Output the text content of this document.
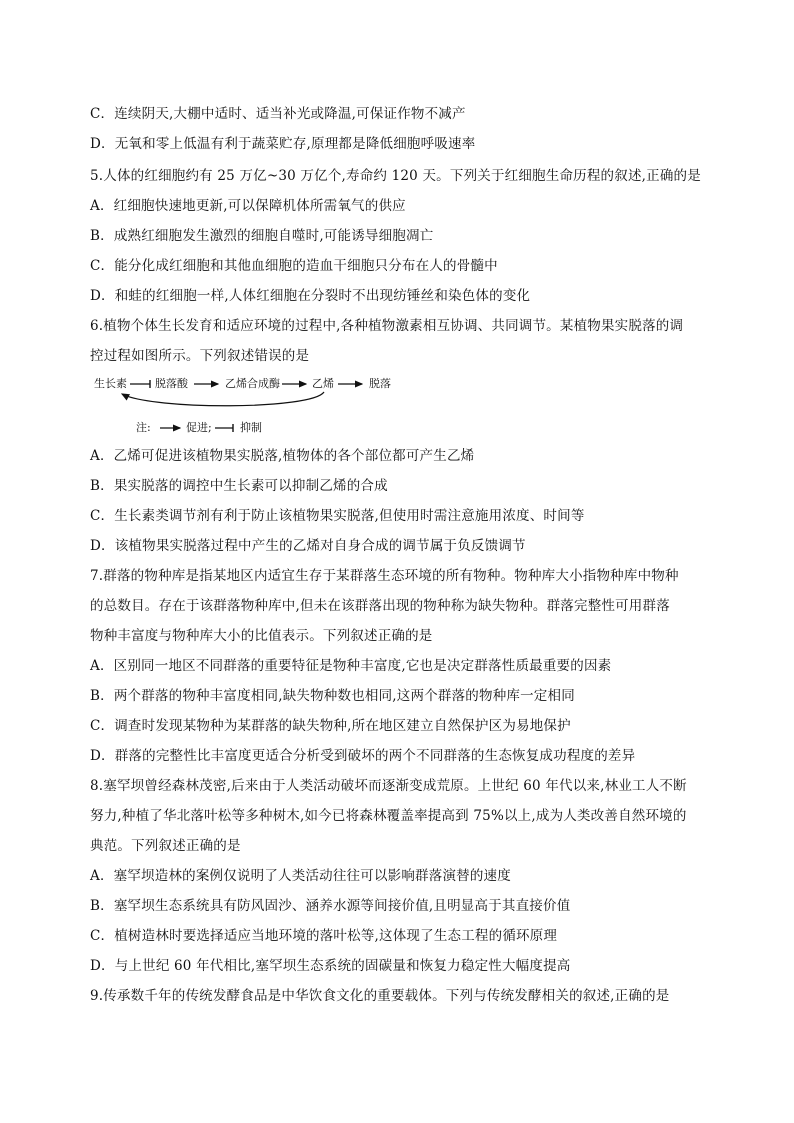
C．连续阴天,大棚中适时、适当补光或降温,可保证作物不减产
D．无氧和零上低温有利于蔬菜贮存,原理都是降低细胞呼吸速率
5.人体的红细胞约有 25 万亿~30 万亿个,寿命约 120 天。下列关于红细胞生命历程的叙述,正确的是
A．红细胞快速地更新,可以保障机体所需氧气的供应
B．成熟红细胞发生激烈的细胞自噬时,可能诱导细胞凋亡
C．能分化成红细胞和其他血细胞的造血干细胞只分布在人的骨髓中
D．和蛙的红细胞一样,人体红细胞在分裂时不出现纺锤丝和染色体的变化
6.植物个体生长发育和适应环境的过程中,各种植物激素相互协调、共同调节。某植物果实脱落的调
控过程如图所示。下列叙述错误的是
生长素	脱落酸	乙烯合成酶	乙烯	脱落
注:	促进;	抑制
A．乙烯可促进该植物果实脱落,植物体的各个部位都可产生乙烯
B．果实脱落的调控中生长素可以抑制乙烯的合成
C．生长素类调节剂有利于防止该植物果实脱落,但使用时需注意施用浓度、时间等
D．该植物果实脱落过程中产生的乙烯对自身合成的调节属于负反馈调节
7.群落的物种库是指某地区内适宜生存于某群落生态环境的所有物种。物种库大小指物种库中物种
的总数目。存在于该群落物种库中,但未在该群落出现的物种称为缺失物种。群落完整性可用群落
物种丰富度与物种库大小的比值表示。下列叙述正确的是
A．区别同一地区不同群落的重要特征是物种丰富度,它也是决定群落性质最重要的因素
B．两个群落的物种丰富度相同,缺失物种数也相同,这两个群落的物种库一定相同
C．调查时发现某物种为某群落的缺失物种,所在地区建立自然保护区为易地保护
D．群落的完整性比丰富度更适合分析受到破坏的两个不同群落的生态恢复成功程度的差异
8.塞罕坝曾经森林茂密,后来由于人类活动破坏而逐渐变成荒原。上世纪 60 年代以来,林业工人不断
努力,种植了华北落叶松等多种树木,如今已将森林覆盖率提高到 75%以上,成为人类改善自然环境的
典范。下列叙述正确的是
A．塞罕坝造林的案例仅说明了人类活动往往可以影响群落演替的速度
B．塞罕坝生态系统具有防风固沙、涵养水源等间接价值,且明显高于其直接价值
C．植树造林时要选择适应当地环境的落叶松等,这体现了生态工程的循环原理
D．与上世纪 60 年代相比,塞罕坝生态系统的固碳量和恢复力稳定性大幅度提高
9.传承数千年的传统发酵食品是中华饮食文化的重要载体。下列与传统发酵相关的叙述,正确的是
